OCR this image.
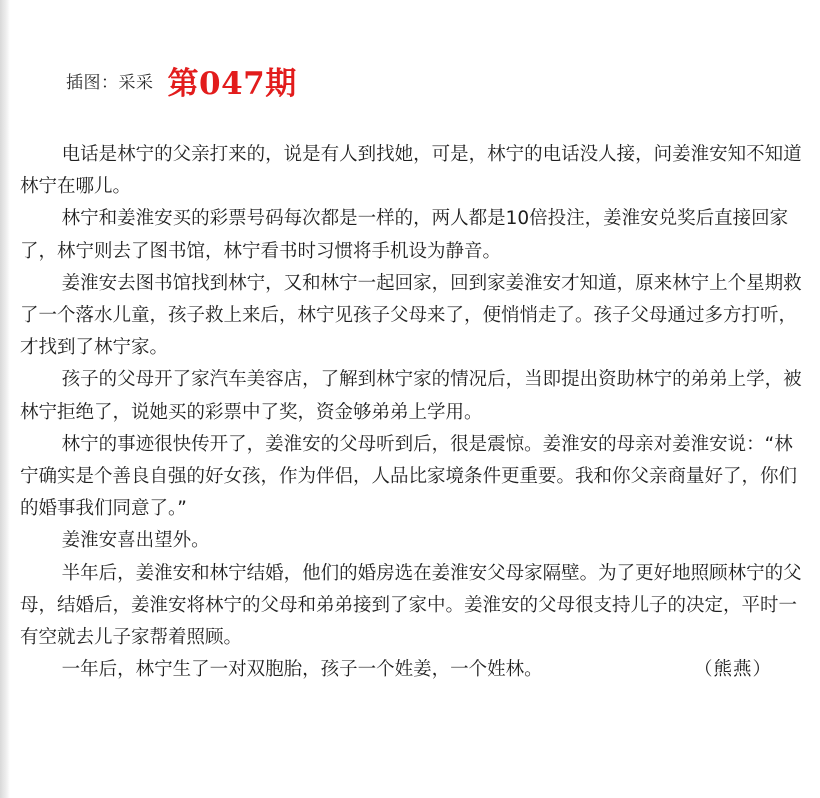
插图：采采 第047期

电话是林宁的父亲打来的，说是有人到找她，可是，林宁的电话没人接，问姜淮安知不知道林宁在哪儿。

林宁和姜淮安买的彩票号码每次都是一样的，两人都是10倍投注，姜淮安兑奖后直接回家了，林宁则去了图书馆，林宁看书时习惯将手机设为静音。

姜淮安去图书馆找到林宁，又和林宁一起回家，回到家姜淮安才知道，原来林宁上个星期救了一个落水儿童，孩子救上来后，林宁见孩子父母来了，便悄悄走了。孩子父母通过多方打听，才找到了林宁家。

孩子的父母开了家汽车美容店，了解到林宁家的情况后，当即提出资助林宁的弟弟上学，被林宁拒绝了，说她买的彩票中了奖，资金够弟弟上学用。

林宁的事迹很快传开了，姜淮安的父母听到后，很是震惊。姜淮安的母亲对姜淮安说：“林宁确实是个善良自强的好女孩，作为伴侣，人品比家境条件更重要。我和你父亲商量好了，你们的婚事我们同意了。”

姜淮安喜出望外。

半年后，姜淮安和林宁结婚，他们的婚房选在姜淮安父母家隔壁。为了更好地照顾林宁的父母，结婚后，姜淮安将林宁的父母和弟弟接到了家中。姜淮安的父母很支持儿子的决定，平时一有空就去儿子家帮着照顾。

一年后，林宁生了一对双胞胎，孩子一个姓姜，一个姓林。	（熊燕）
